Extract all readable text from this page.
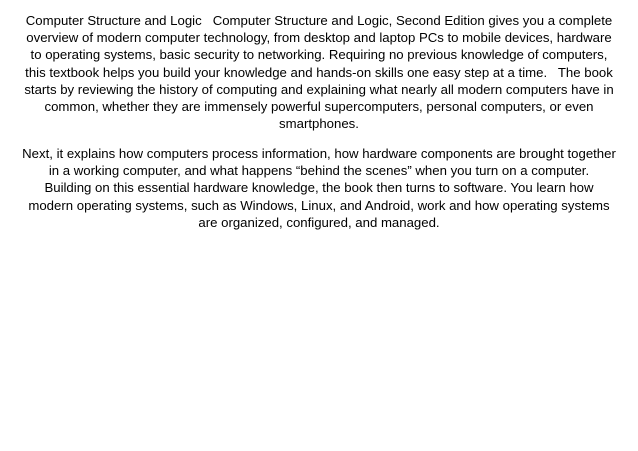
Computer Structure and Logic   Computer Structure and Logic, Second Edition gives you a complete overview of modern computer technology, from desktop and laptop PCs to mobile devices, hardware to operating systems, basic security to networking. Requiring no previous knowledge of computers, this textbook helps you build your knowledge and hands-on skills one easy step at a time.   The book starts by reviewing the history of computing and explaining what nearly all modern computers have in common, whether they are immensely powerful supercomputers, personal computers, or even smartphones.

Next, it explains how computers process information, how hardware components are brought together in a working computer, and what happens “behind the scenes” when you turn on a computer.   Building on this essential hardware knowledge, the book then turns to software. You learn how modern operating systems, such as Windows, Linux, and Android, work and how operating systems are organized, configured, and managed.
